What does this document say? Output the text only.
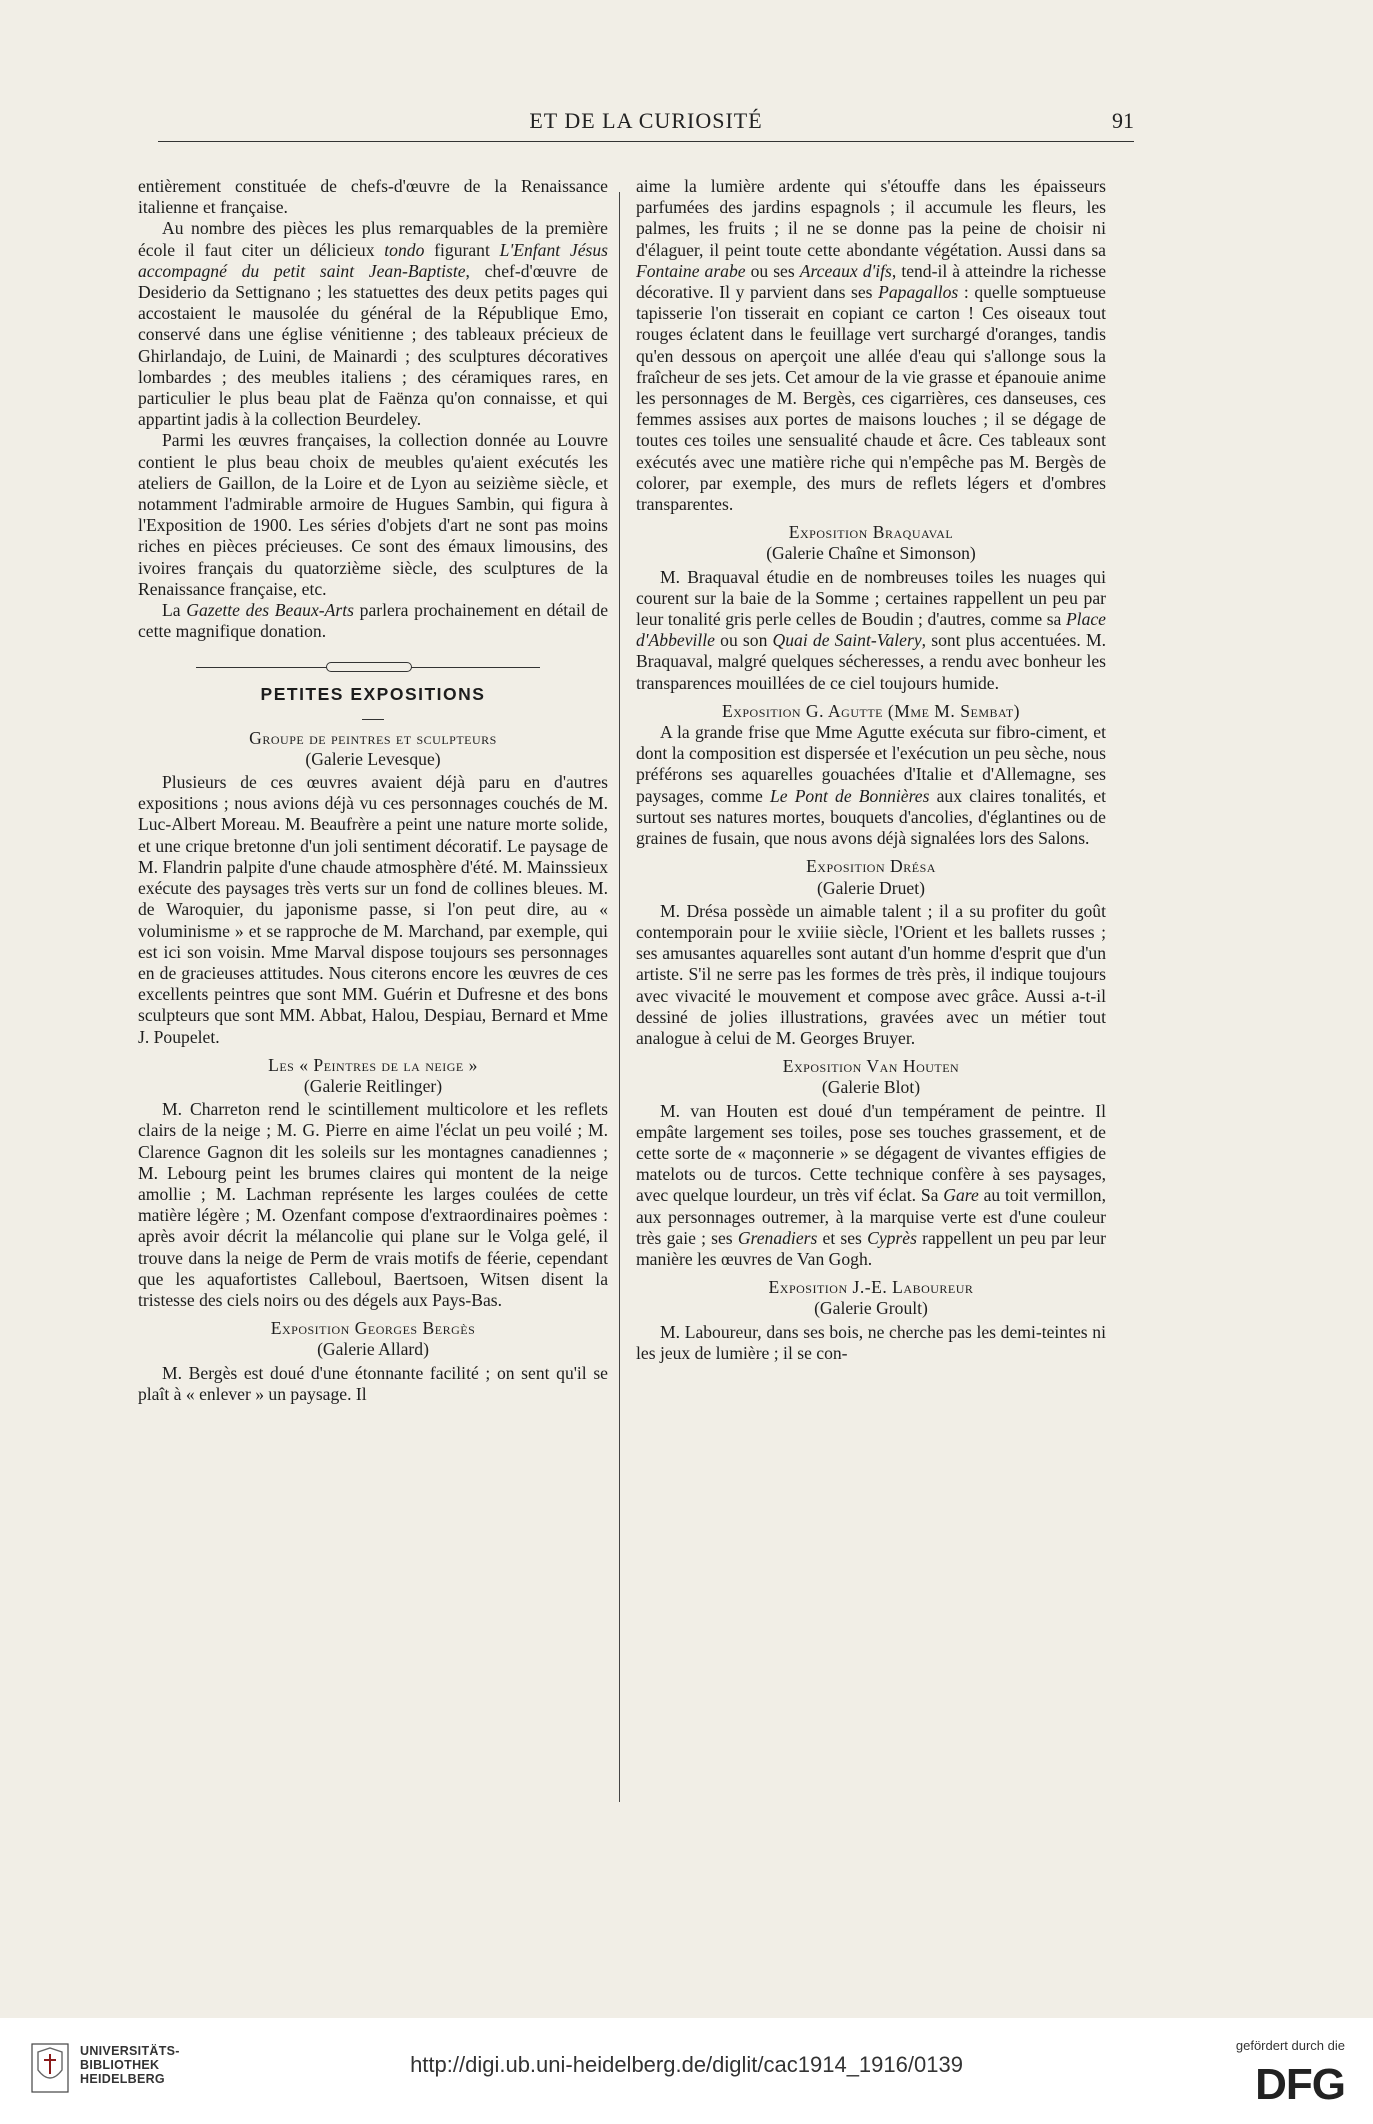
ET DE LA CURIOSITÉ	91

entièrement constituée de chefs-d'œuvre de la Renaissance italienne et française.

Au nombre des pièces les plus remarquables de la première école il faut citer un délicieux tondo figurant L'Enfant Jésus accompagné du petit saint Jean-Baptiste, chef-d'œuvre de Desiderio da Settignano ; les statuettes des deux petits pages qui accostaient le mausolée du général de la République Emo, conservé dans une église vénitienne ; des tableaux précieux de Ghirlandajo, de Luini, de Mainardi ; des sculptures décoratives lombardes ; des meubles italiens ; des céramiques rares, en particulier le plus beau plat de Faënza qu'on connaisse, et qui appartint jadis à la collection Beurdeley.

Parmi les œuvres françaises, la collection donnée au Louvre contient le plus beau choix de meubles qu'aient exécutés les ateliers de Gaillon, de la Loire et de Lyon au seizième siècle, et notamment l'admirable armoire de Hugues Sambin, qui figura à l'Exposition de 1900. Les séries d'objets d'art ne sont pas moins riches en pièces précieuses. Ce sont des émaux limousins, des ivoires français du quatorzième siècle, des sculptures de la Renaissance française, etc.

La Gazette des Beaux-Arts parlera prochainement en détail de cette magnifique donation.

PETITES EXPOSITIONS
Groupe de peintres et sculpteurs
(Galerie Levesque)

Plusieurs de ces œuvres avaient déjà paru en d'autres expositions ; nous avions déjà vu ces personnages couchés de M. Luc-Albert Moreau. M. Beaufrère a peint une nature morte solide, et une crique bretonne d'un joli sentiment décoratif. Le paysage de M. Flandrin palpite d'une chaude atmosphère d'été. M. Mainssieux exécute des paysages très verts sur un fond de collines bleues. M. de Waroquier, du japonisme passe, si l'on peut dire, au « voluminisme » et se rapproche de M. Marchand, par exemple, qui est ici son voisin. Mme Marval dispose toujours ses personnages en de gracieuses attitudes. Nous citerons encore les œuvres de ces excellents peintres que sont MM. Guérin et Dufresne et des bons sculpteurs que sont MM. Abbat, Halou, Despiau, Bernard et Mme J. Poupelet.

Les « Peintres de la neige »
(Galerie Reitlinger)

M. Charreton rend le scintillement multicolore et les reflets clairs de la neige ; M. G. Pierre en aime l'éclat un peu voilé ; M. Clarence Gagnon dit les soleils sur les montagnes canadiennes ; M. Lebourg peint les brumes claires qui montent de la neige amollie ; M. Lachman représente les larges coulées de cette matière légère ; M. Ozenfant compose d'extraordinaires poèmes : après avoir décrit la mélancolie qui plane sur le Volga gelé, il trouve dans la neige de Perm de vrais motifs de féerie, cependant que les aquafortistes Calleboul, Baertsoen, Witsen disent la tristesse des ciels noirs ou des dégels aux Pays-Bas.

Exposition Georges Bergès
(Galerie Allard)

M. Bergès est doué d'une étonnante facilité ; on sent qu'il se plaît à « enlever » un paysage. Il

aime la lumière ardente qui s'étouffe dans les épaisseurs parfumées des jardins espagnols ; il accumule les fleurs, les palmes, les fruits ; il ne se donne pas la peine de choisir ni d'élaguer, il peint toute cette abondante végétation. Aussi dans sa Fontaine arabe ou ses Arceaux d'ifs, tend-il à atteindre la richesse décorative. Il y parvient dans ses Papagallos : quelle somptueuse tapisserie l'on tisserait en copiant ce carton ! Ces oiseaux tout rouges éclatent dans le feuillage vert surchargé d'oranges, tandis qu'en dessous on aperçoit une allée d'eau qui s'allonge sous la fraîcheur de ses jets. Cet amour de la vie grasse et épanouie anime les personnages de M. Bergès, ces cigarrières, ces danseuses, ces femmes assises aux portes de maisons louches ; il se dégage de toutes ces toiles une sensualité chaude et âcre. Ces tableaux sont exécutés avec une matière riche qui n'empêche pas M. Bergès de colorer, par exemple, des murs de reflets légers et d'ombres transparentes.

Exposition Braquaval
(Galerie Chaîne et Simonson)

M. Braquaval étudie en de nombreuses toiles les nuages qui courent sur la baie de la Somme ; certaines rappellent un peu par leur tonalité gris perle celles de Boudin ; d'autres, comme sa Place d'Abbeville ou son Quai de Saint-Valery, sont plus accentuées. M. Braquaval, malgré quelques sécheresses, a rendu avec bonheur les transparences mouillées de ce ciel toujours humide.

Exposition G. Agutte (Mme M. Sembat)

A la grande frise que Mme Agutte exécuta sur fibro-ciment, et dont la composition est dispersée et l'exécution un peu sèche, nous préférons ses aquarelles gouachées d'Italie et d'Allemagne, ses paysages, comme Le Pont de Bonnières aux claires tonalités, et surtout ses natures mortes, bouquets d'ancolies, d'églantines ou de graines de fusain, que nous avons déjà signalées lors des Salons.

Exposition Drésa
(Galerie Druet)

M. Drésa possède un aimable talent ; il a su profiter du goût contemporain pour le xviiie siècle, l'Orient et les ballets russes ; ses amusantes aquarelles sont autant d'un homme d'esprit que d'un artiste. S'il ne serre pas les formes de très près, il indique toujours avec vivacité le mouvement et compose avec grâce. Aussi a-t-il dessiné de jolies illustrations, gravées avec un métier tout analogue à celui de M. Georges Bruyer.

Exposition Van Houten
(Galerie Blot)

M. van Houten est doué d'un tempérament de peintre. Il empâte largement ses toiles, pose ses touches grassement, et de cette sorte de « maçonnerie » se dégagent de vivantes effigies de matelots ou de turcos. Cette technique confère à ses paysages, avec quelque lourdeur, un très vif éclat. Sa Gare au toit vermillon, aux personnages outremer, à la marquise verte est d'une couleur très gaie ; ses Grenadiers et ses Cyprès rappellent un peu par leur manière les œuvres de Van Gogh.

Exposition J.-E. Laboureur
(Galerie Groult)

M. Laboureur, dans ses bois, ne cherche pas les demi-teintes ni les jeux de lumière ; il se con-

UNIVERSITÄTS-
BIBLIOTHEK
HEIDELBERG
http://digi.ub.uni-heidelberg.de/diglit/cac1914_1916/0139
gefördert durch die
DFG
